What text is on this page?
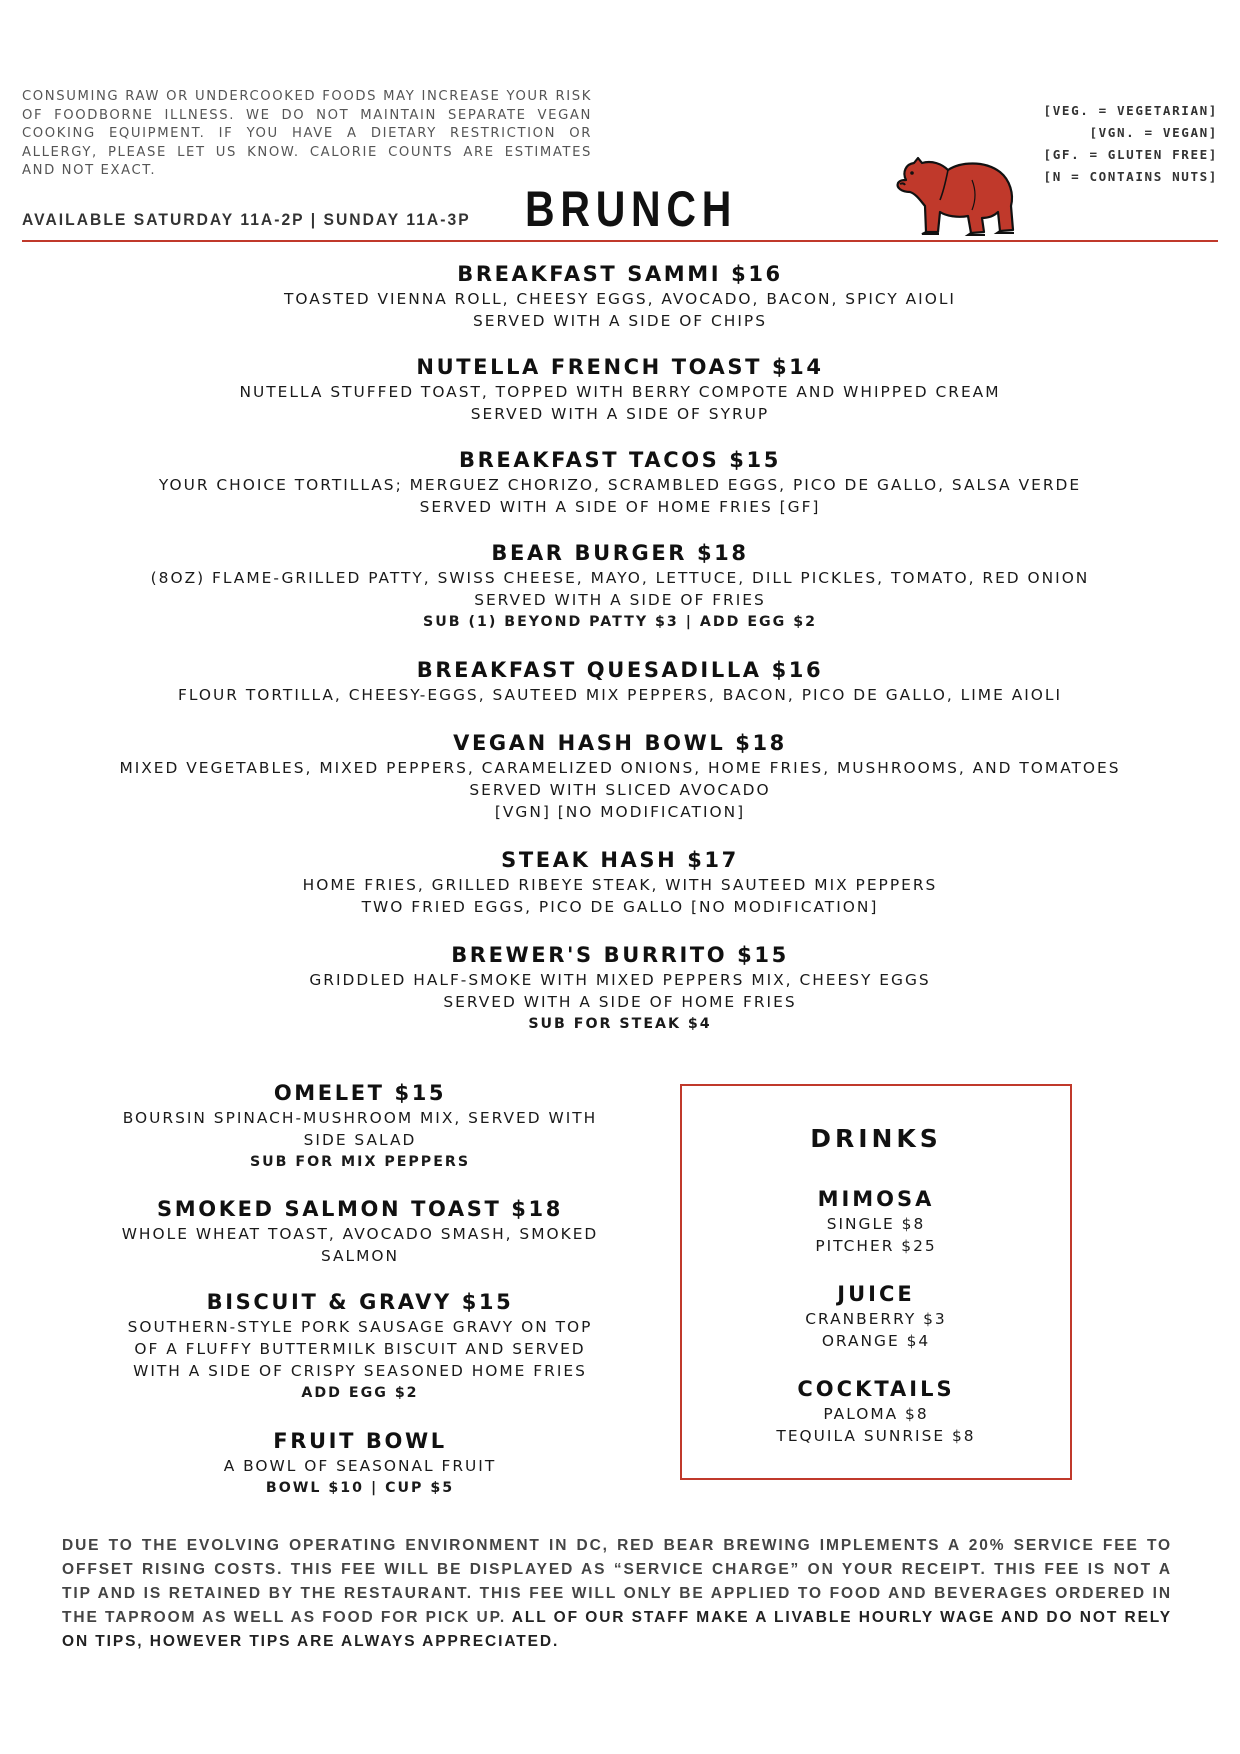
CONSUMING RAW OR UNDERCOOKED FOODS MAY INCREASE YOUR RISK OF FOODBORNE ILLNESS. WE DO NOT MAINTAIN SEPARATE VEGAN COOKING EQUIPMENT. IF YOU HAVE A DIETARY RESTRICTION OR ALLERGY, PLEASE LET US KNOW. CALORIE COUNTS ARE ESTIMATES AND NOT EXACT.
AVAILABLE SATURDAY 11A-2P | SUNDAY 11A-3P BRUNCH
[VEG. = VEGETARIAN]
[VGN. = VEGAN]
[GF. = GLUTEN FREE]
[N = CONTAINS NUTS]
BREAKFAST SAMMI $16
TOASTED VIENNA ROLL, CHEESY EGGS, AVOCADO, BACON, SPICY AIOLI
SERVED WITH A SIDE OF CHIPS
NUTELLA FRENCH TOAST $14
NUTELLA STUFFED TOAST, TOPPED WITH BERRY COMPOTE AND WHIPPED CREAM
SERVED WITH A SIDE OF SYRUP
BREAKFAST TACOS $15
YOUR CHOICE TORTILLAS; MERGUEZ CHORIZO, SCRAMBLED EGGS, PICO DE GALLO, SALSA VERDE
SERVED WITH A SIDE OF HOME FRIES [GF]
BEAR BURGER $18
(8OZ) FLAME-GRILLED PATTY, SWISS CHEESE, MAYO, LETTUCE, DILL PICKLES, TOMATO, RED ONION
SERVED WITH A SIDE OF FRIES
SUB (1) BEYOND PATTY $3 | ADD EGG $2
BREAKFAST QUESADILLA $16
FLOUR TORTILLA, CHEESY-EGGS, SAUTEED MIX PEPPERS, BACON, PICO DE GALLO, LIME AIOLI
VEGAN HASH BOWL $18
MIXED VEGETABLES, MIXED PEPPERS, CARAMELIZED ONIONS, HOME FRIES, MUSHROOMS, AND TOMATOES
SERVED WITH SLICED AVOCADO
[VGN] [NO MODIFICATION]
STEAK HASH $17
HOME FRIES, GRILLED RIBEYE STEAK, WITH SAUTEED MIX PEPPERS
TWO FRIED EGGS, PICO DE GALLO [NO MODIFICATION]
BREWER'S BURRITO $15
GRIDDLED HALF-SMOKE WITH MIXED PEPPERS MIX, CHEESY EGGS
SERVED WITH A SIDE OF HOME FRIES
SUB FOR STEAK $4
OMELET $15
BOURSIN SPINACH-MUSHROOM MIX, SERVED WITH
SIDE SALAD
SUB FOR MIX PEPPERS
SMOKED SALMON TOAST $18
WHOLE WHEAT TOAST, AVOCADO SMASH, SMOKED
SALMON
BISCUIT & GRAVY $15
SOUTHERN-STYLE PORK SAUSAGE GRAVY ON TOP
OF A FLUFFY BUTTERMILK BISCUIT AND SERVED
WITH A SIDE OF CRISPY SEASONED HOME FRIES
ADD EGG $2
FRUIT BOWL
A BOWL OF SEASONAL FRUIT
BOWL $10 | CUP $5
DRINKS
MIMOSA
SINGLE $8
PITCHER $25
JUICE
CRANBERRY $3
ORANGE $4
COCKTAILS
PALOMA $8
TEQUILA SUNRISE $8
DUE TO THE EVOLVING OPERATING ENVIRONMENT IN DC, RED BEAR BREWING IMPLEMENTS A 20% SERVICE FEE TO OFFSET RISING COSTS. THIS FEE WILL BE DISPLAYED AS “SERVICE CHARGE” ON YOUR RECEIPT. THIS FEE IS NOT A TIP AND IS RETAINED BY THE RESTAURANT. THIS FEE WILL ONLY BE APPLIED TO FOOD AND BEVERAGES ORDERED IN THE TAPROOM AS WELL AS FOOD FOR PICK UP. ALL OF OUR STAFF MAKE A LIVABLE HOURLY WAGE AND DO NOT RELY ON TIPS, HOWEVER TIPS ARE ALWAYS APPRECIATED.
